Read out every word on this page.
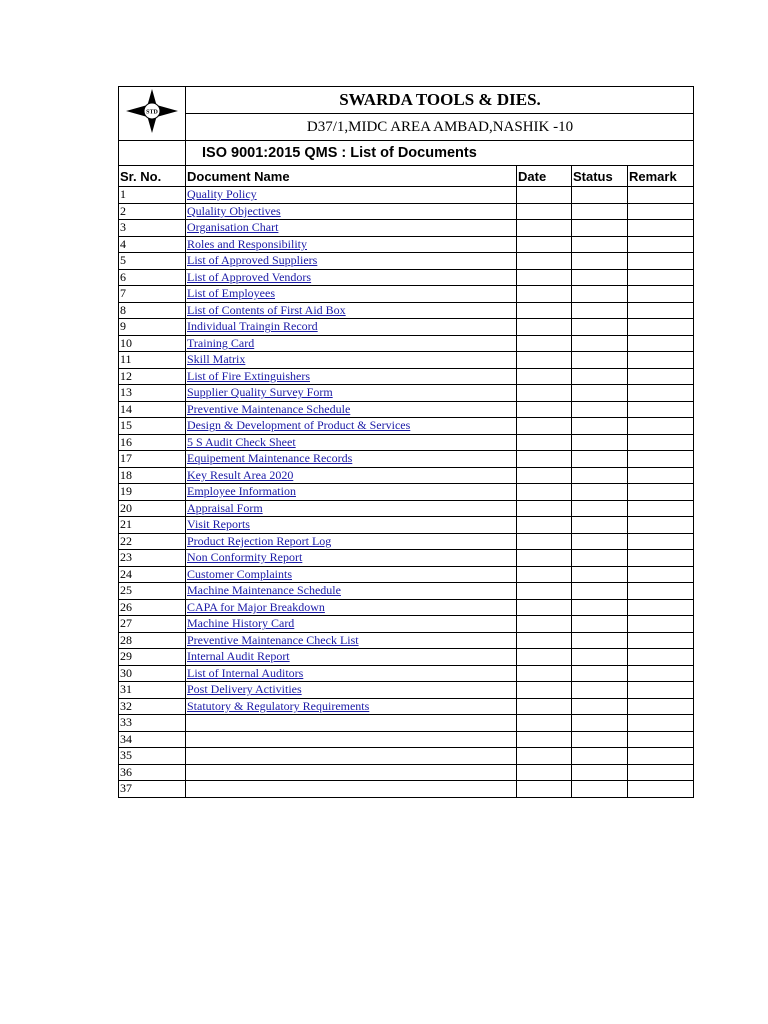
STD	SWARDA TOOLS & DIES.			
	D37/1,MIDC AREA AMBAD,NASHIK -10			
	ISO 9001:2015 QMS : List of Documents			
Sr. No.	Document Name	Date	Status	Remark
1	Quality Policy			
2	Qulality Objectives			
3	Organisation Chart			
4	Roles and Responsibility			
5	List of Approved Suppliers			
6	List of Approved Vendors			
7	List of Employees			
8	List of Contents of First Aid Box			
9	Individual Traingin Record			
10	Training Card			
11	Skill Matrix			
12	List of Fire Extinguishers			
13	Supplier Quality Survey Form			
14	Preventive Maintenance Schedule			
15	Design & Development of Product & Services			
16	5 S Audit Check Sheet			
17	Equipement Maintenance Records			
18	Key Result Area 2020			
19	Employee Information			
20	Appraisal Form			
21	Visit Reports			
22	Product Rejection Report Log			
23	Non Conformity Report			
24	Customer Complaints			
25	Machine Maintenance Schedule			
26	CAPA for Major Breakdown			
27	Machine History Card			
28	Preventive Maintenance Check List			
29	Internal Audit Report			
30	List of Internal Auditors			
31	Post Delivery Activities			
32	Statutory & Regulatory Requirements			
33				
34				
35				
36				
37				
